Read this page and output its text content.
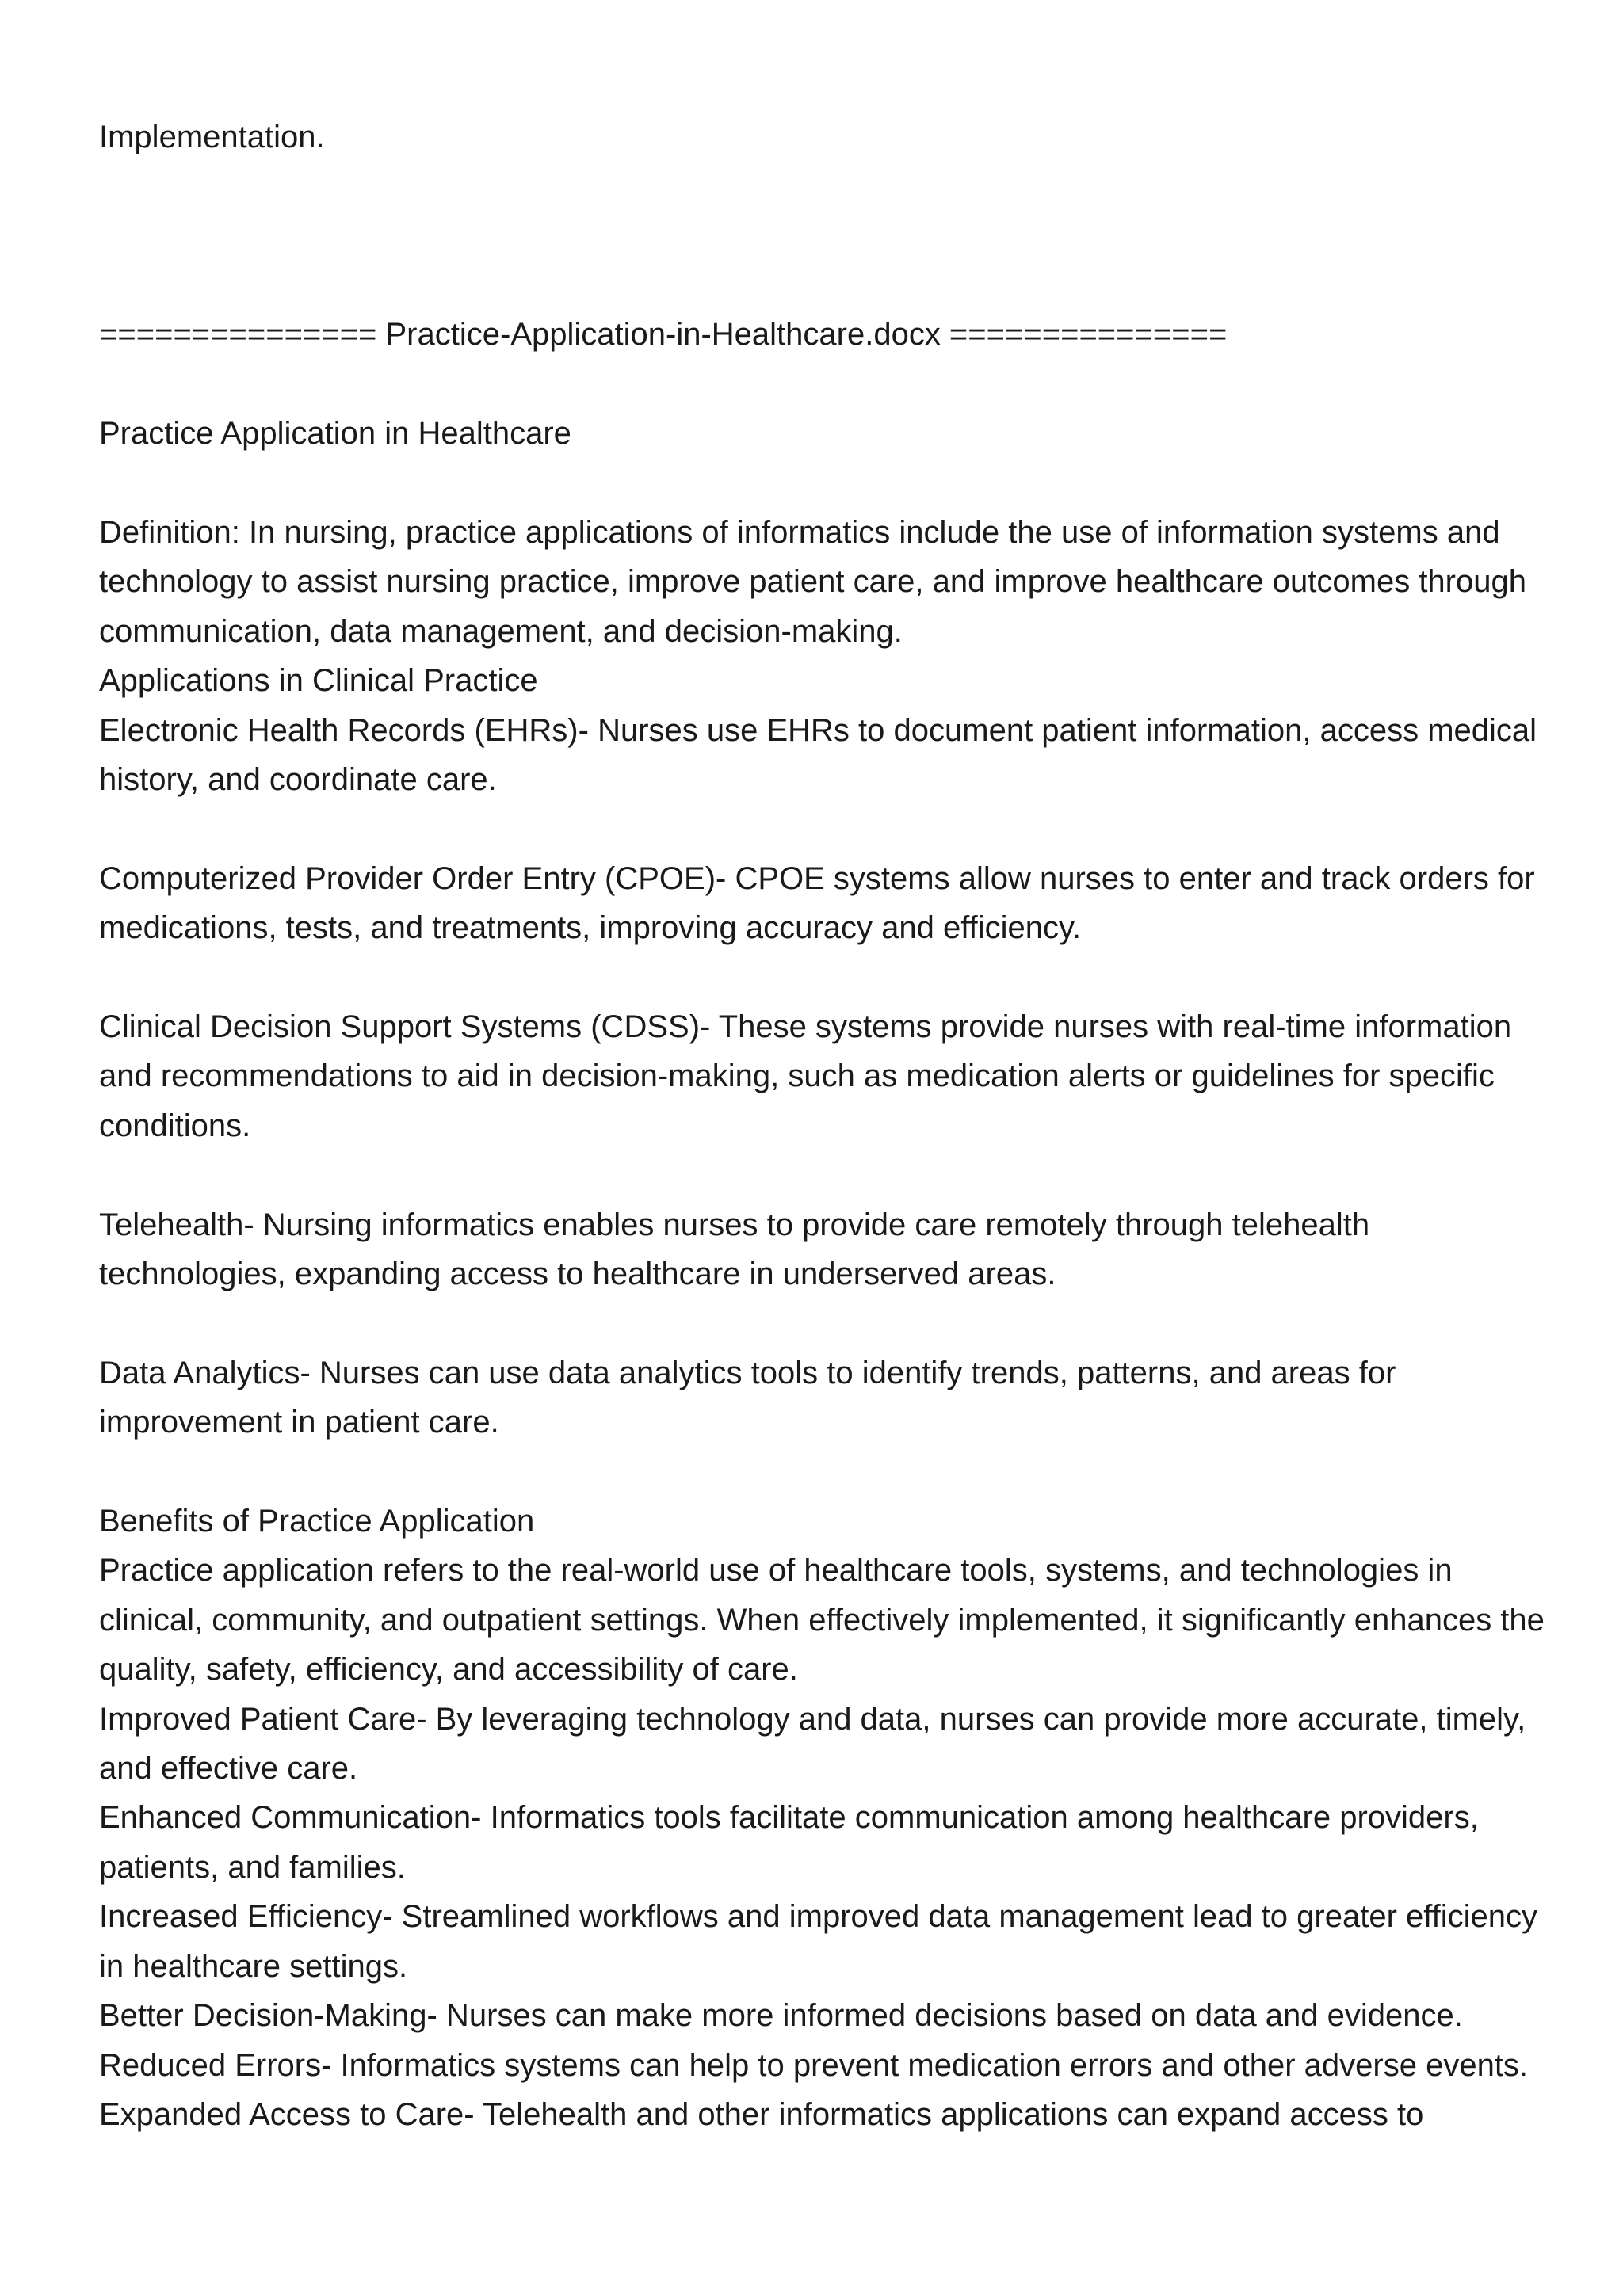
Implementation.

=============== Practice-Application-in-Healthcare.docx ===============

Practice Application in Healthcare

Definition: In nursing, practice applications of informatics include the use of information systems and technology to assist nursing practice, improve patient care, and improve healthcare outcomes through communication, data management, and decision-making.

Applications in Clinical Practice

Electronic Health Records (EHRs)- Nurses use EHRs to document patient information, access medical history, and coordinate care.

Computerized Provider Order Entry (CPOE)- CPOE systems allow nurses to enter and track orders for medications, tests, and treatments, improving accuracy and efficiency.

Clinical Decision Support Systems (CDSS)- These systems provide nurses with real-time information and recommendations to aid in decision-making, such as medication alerts or guidelines for specific conditions.

Telehealth- Nursing informatics enables nurses to provide care remotely through telehealth technologies, expanding access to healthcare in underserved areas.

Data Analytics- Nurses can use data analytics tools to identify trends, patterns, and areas for improvement in patient care.

Benefits of Practice Application

Practice application refers to the real-world use of healthcare tools, systems, and technologies in clinical, community, and outpatient settings. When effectively implemented, it significantly enhances the quality, safety, efficiency, and accessibility of care.

Improved Patient Care- By leveraging technology and data, nurses can provide more accurate, timely, and effective care.

Enhanced Communication- Informatics tools facilitate communication among healthcare providers, patients, and families.

Increased Efficiency- Streamlined workflows and improved data management lead to greater efficiency in healthcare settings.

Better Decision-Making- Nurses can make more informed decisions based on data and evidence.

Reduced Errors- Informatics systems can help to prevent medication errors and other adverse events.

Expanded Access to Care- Telehealth and other informatics applications can expand access to
